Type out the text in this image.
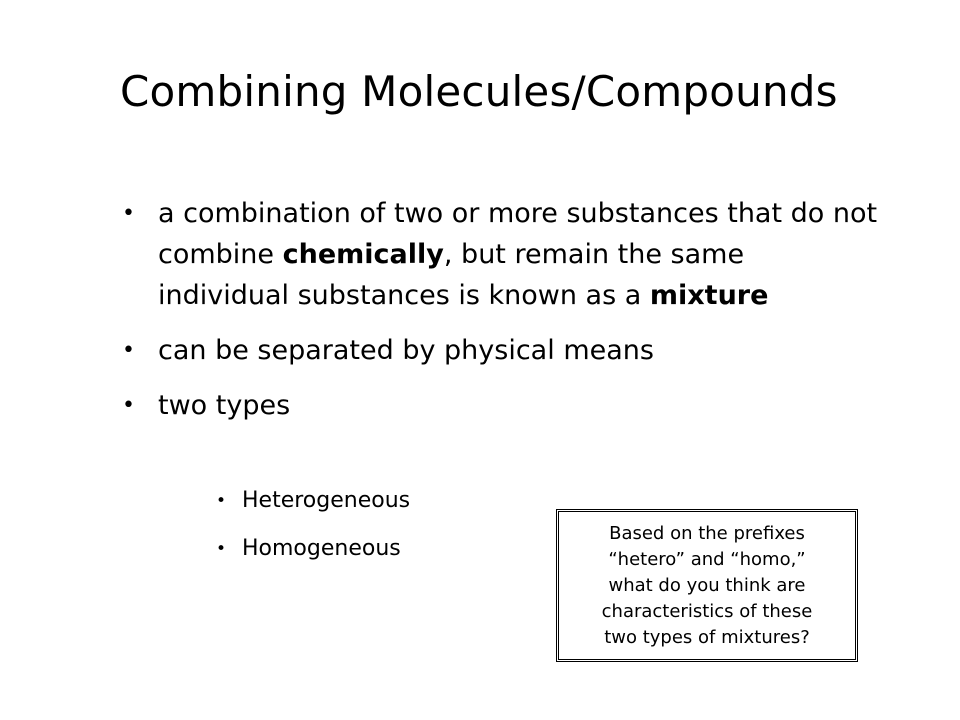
Combining Molecules/Compounds
• a combination of two or more substances that do not combine chemically, but remain the same individual substances is known as a mixture
• can be separated by physical means
• two types
• Heterogeneous
• Homogeneous
Based on the prefixes
“hetero” and “homo,”
what do you think are
characteristics of these
two types of mixtures?
